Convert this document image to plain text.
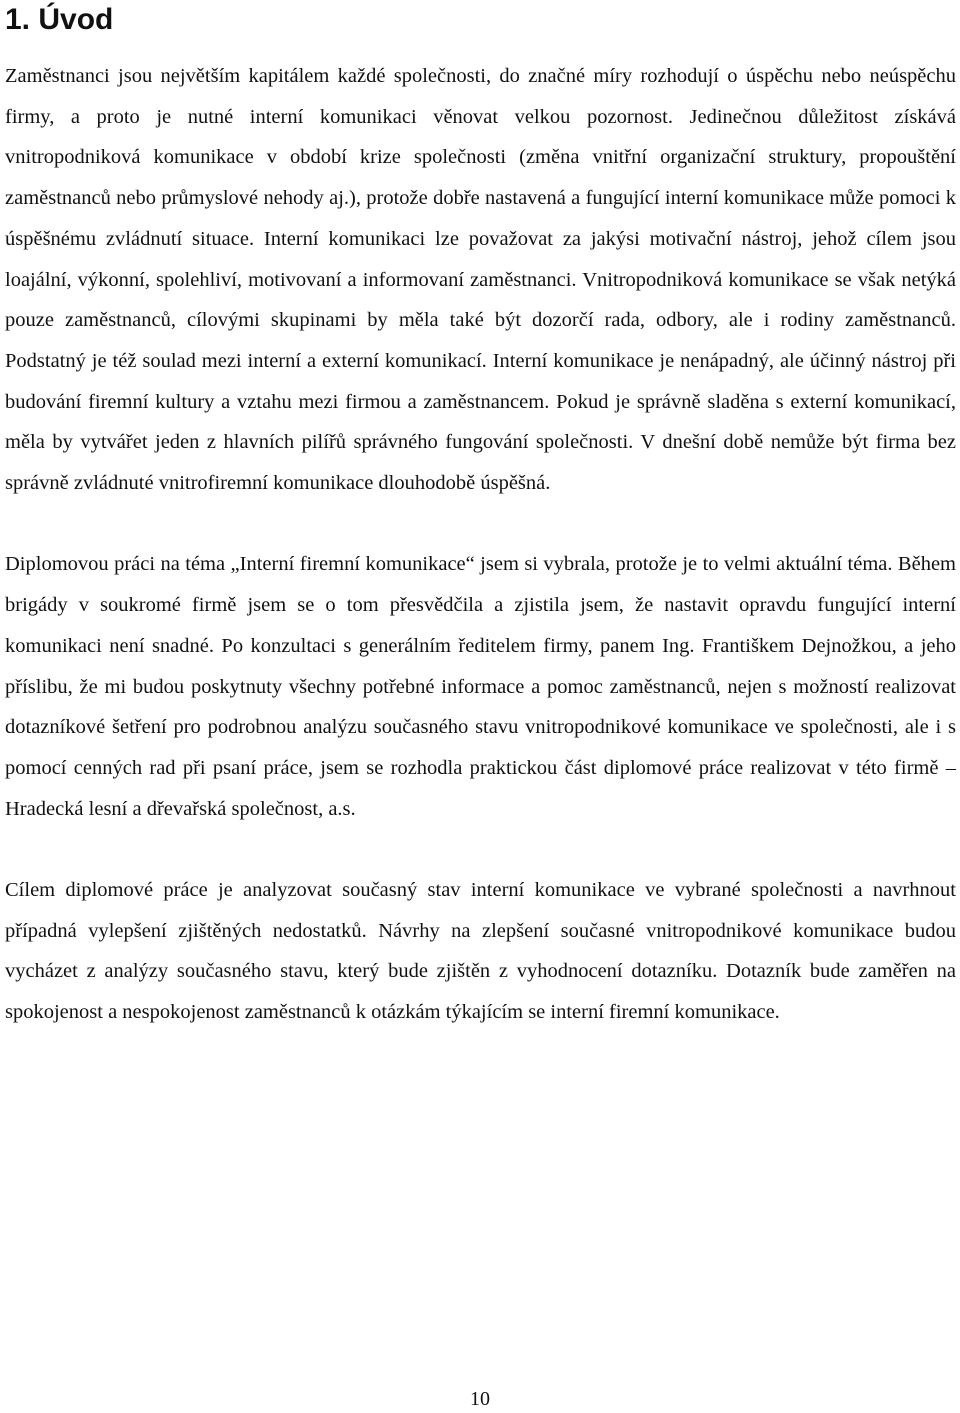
1. Úvod

Zaměstnanci jsou největším kapitálem každé společnosti, do značné míry rozhodují o úspěchu nebo neúspěchu firmy, a proto je nutné interní komunikaci věnovat velkou pozornost. Jedinečnou důležitost získává vnitropodniková komunikace v období krize společnosti (změna vnitřní organizační struktury, propouštění zaměstnanců nebo průmyslové nehody aj.), protože dobře nastavená a fungující interní komunikace může pomoci k úspěšnému zvládnutí situace. Interní komunikaci lze považovat za jakýsi motivační nástroj, jehož cílem jsou loajální, výkonní, spolehliví, motivovaní a informovaní zaměstnanci. Vnitropodniková komunikace se však netýká pouze zaměstnanců, cílovými skupinami by měla také být dozorčí rada, odbory, ale i rodiny zaměstnanců. Podstatný je též soulad mezi interní a externí komunikací. Interní komunikace je nenápadný, ale účinný nástroj při budování firemní kultury a vztahu mezi firmou a zaměstnancem. Pokud je správně sladěna s externí komunikací, měla by vytvářet jeden z hlavních pilířů správného fungování společnosti. V dnešní době nemůže být firma bez správně zvládnuté vnitrofiremní komunikace dlouhodobě úspěšná.

Diplomovou práci na téma „Interní firemní komunikace“ jsem si vybrala, protože je to velmi aktuální téma. Během brigády v soukromé firmě jsem se o tom přesvědčila a zjistila jsem, že nastavit opravdu fungující interní komunikaci není snadné. Po konzultaci s generálním ředitelem firmy, panem Ing. Františkem Dejnožkou, a jeho příslibu, že mi budou poskytnuty všechny potřebné informace a pomoc zaměstnanců, nejen s možností realizovat dotazníkové šetření pro podrobnou analýzu současného stavu vnitropodnikové komunikace ve společnosti, ale i s pomocí cenných rad při psaní práce, jsem se rozhodla praktickou část diplomové práce realizovat v této firmě – Hradecká lesní a dřevařská společnost, a.s.

Cílem diplomové práce je analyzovat současný stav interní komunikace ve vybrané společnosti a navrhnout případná vylepšení zjištěných nedostatků. Návrhy na zlepšení současné vnitropodnikové komunikace budou vycházet z analýzy současného stavu, který bude zjištěn z vyhodnocení dotazníku. Dotazník bude zaměřen na spokojenost a nespokojenost zaměstnanců k otázkám týkajícím se interní firemní komunikace.

10
